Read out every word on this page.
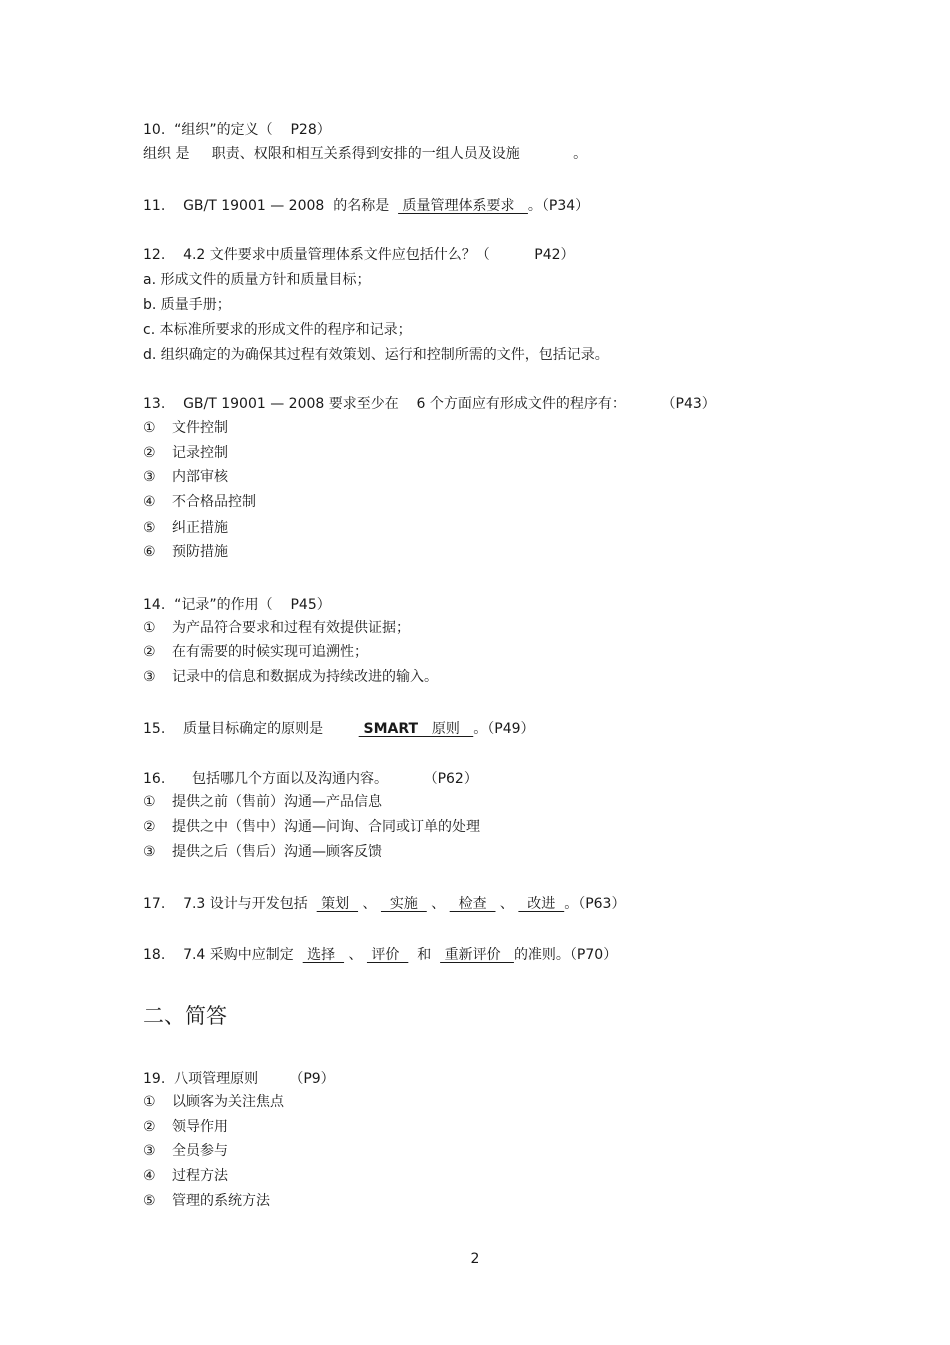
10.  “组织”的定义（    P28）
组织 是     职责、权限和相互关系得到安排的一组人员及设施            。
11.    GB/T 19001 — 2008  的名称是   质量管理体系要求   。（P34）
12.    4.2 文件要求中质量管理体系文件应包括什么？（          P42）
a. 形成文件的质量方针和质量目标；
b. 质量手册；
c. 本标准所要求的形成文件的程序和记录；
d. 组织确定的为确保其过程有效策划、运行和控制所需的文件，包括记录。
13.    GB/T 19001 — 2008 要求至少在    6 个方面应有形成文件的程序有：        （P43）
① 文件控制
② 记录控制
③ 内部审核
④ 不合格品控制
⑤ 纠正措施
⑥ 预防措施
14.  “记录”的作用（    P45）
① 为产品符合要求和过程有效提供证据；
② 在有需要的时候实现可追溯性；
③ 记录中的信息和数据成为持续改进的输入。
15.    质量目标确定的原则是         SMART   原则   。（P49）
16.      包括哪几个方面以及沟通内容。        （P62）
① 提供之前（售前）沟通—产品信息
② 提供之中（售中）沟通—问询、合同或订单的处理
③ 提供之后（售后）沟通—顾客反馈
17.    7.3 设计与开发包括   策划   、   实施   、   检查   、   改进  。（P63）
18.    7.4 采购中应制定   选择   、  评价    和   重新评价   的准则。（P70）
二、简答
19.  八项管理原则       （P9）
① 以顾客为关注焦点
② 领导作用
③ 全员参与
④ 过程方法
⑤ 管理的系统方法
2
